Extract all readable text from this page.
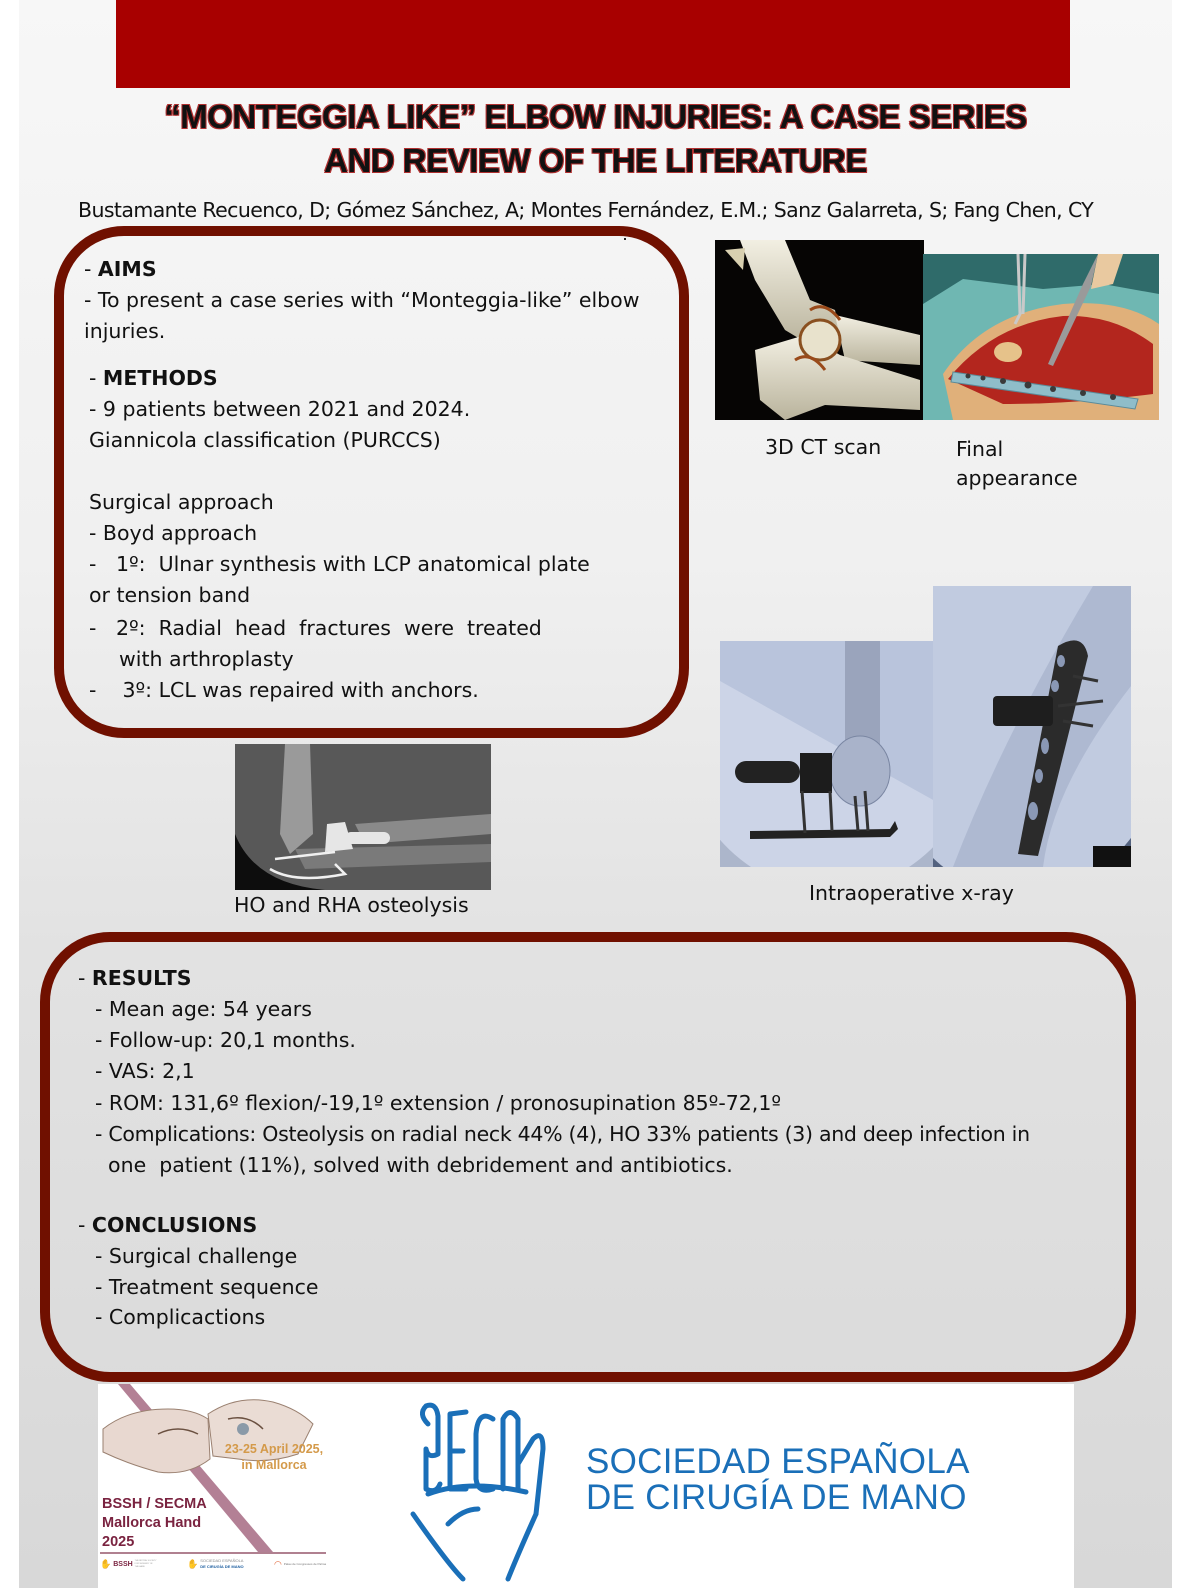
“MONTEGGIA LIKE” ELBOW INJURIES: A CASE SERIES
AND REVIEW OF THE LITERATURE
Bustamante Recuenco, D; Gómez Sánchez, A; Montes Fernández, E.M.; Sanz Galarreta, S; Fang Chen, CY
- AIMS
- To present a case series with “Monteggia-like” elbow
injuries.
- METHODS
- 9 patients between 2021 and 2024.
Giannicola classification (PURCCS)
Surgical approach
- Boyd approach
-   1º:  Ulnar synthesis with LCP anatomical plate
or tension band
-   2º:  Radial  head  fractures  were  treated
with arthroplasty
-    3º: LCL was repaired with anchors.
3D CT scan	Final
appearance
Intraoperative x-ray
HO and RHA osteolysis
- RESULTS
- Mean age: 54 years
- Follow-up: 20,1 months.
- VAS: 2,1
- ROM: 131,6º flexion/-19,1º extension / pronosupination 85º-72,1º
- Complications: Osteolysis on radial neck 44% (4), HO 33% patients (3) and deep infection in
one  patient (11%), solved with debridement and antibiotics.
- CONCLUSIONS
- Surgical challenge
- Treatment sequence
- Complicactions
23-25 April 2025,
in Mallorca
BSSH / SECMA
Mallorca Hand
2025
✋ BSSH THE BRITISH SOCIETY FOR SURGERY OF THE HAND	✋ SOCIEDAD ESPAÑOLA
DE CIRUGÍA DE MANO	◠ Palau de Congressos de Palma
SECMA
SOCIEDAD ESPAÑOLA
DE CIRUGÍA DE MANO
